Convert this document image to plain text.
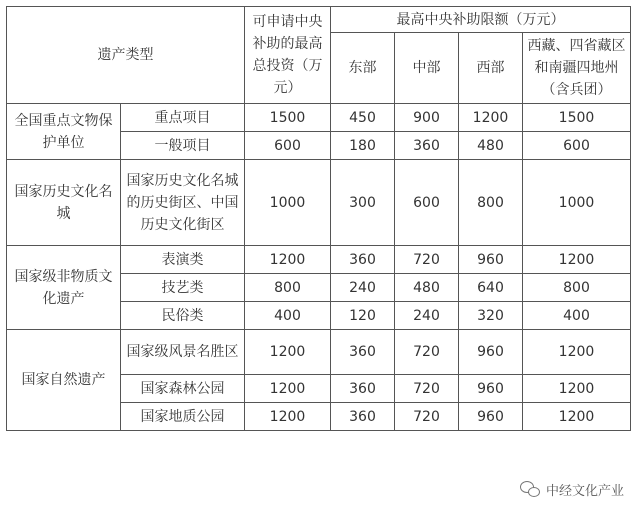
遗产类型		可申请中央补助的最高总投资（万元）	最高中央补助限额（万元）			
			东部	中部	西部	西藏、四省藏区和南疆四地州（含兵团）
全国重点文物保护单位	重点项目	1500	450	900	1200	1500
	一般项目	600	180	360	480	600
国家历史文化名城	国家历史文化名城的历史街区、中国历史文化街区	1000	300	600	800	1000
国家级非物质文化遗产	表演类	1200	360	720	960	1200
	技艺类	800	240	480	640	800
	民俗类	400	120	240	320	400
国家自然遗产	国家级风景名胜区	1200	360	720	960	1200
	国家森林公园	1200	360	720	960	1200
	国家地质公园	1200	360	720	960	1200
中经文化产业
